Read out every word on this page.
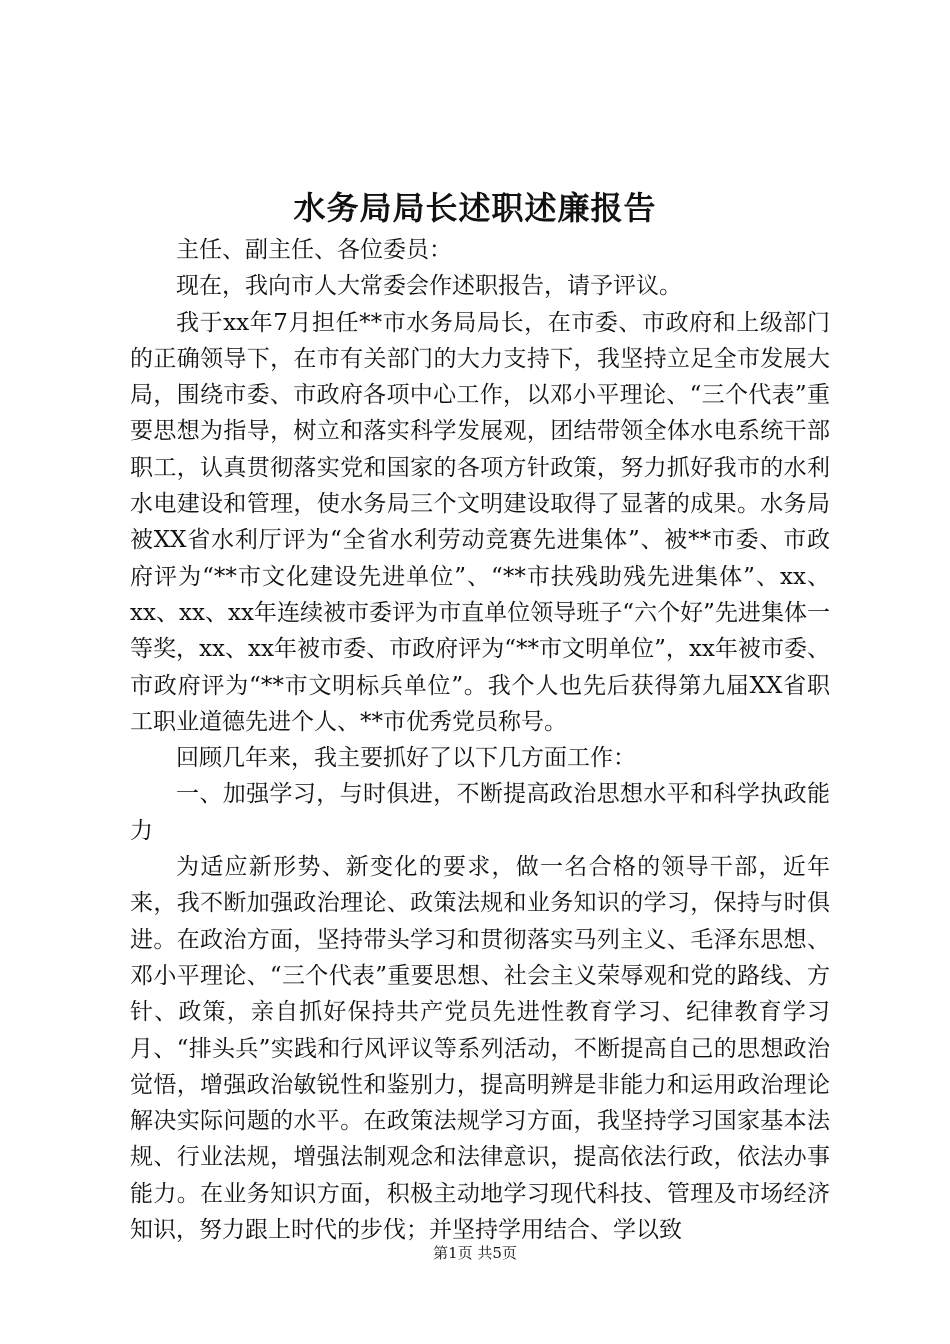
水务局局长述职述廉报告

主任、副主任、各位委员：

现在，我向市人大常委会作述职报告，请予评议。

我于xx年7月担任**市水务局局长，在市委、市政府和上级部门的正确领导下，在市有关部门的大力支持下，我坚持立足全市发展大局，围绕市委、市政府各项中心工作，以邓小平理论、“三个代表”重要思想为指导，树立和落实科学发展观，团结带领全体水电系统干部职工，认真贯彻落实党和国家的各项方针政策，努力抓好我市的水利水电建设和管理，使水务局三个文明建设取得了显著的成果。水务局被XX省水利厅评为“全省水利劳动竞赛先进集体”、被**市委、市政府评为“**市文化建设先进单位”、“**市扶残助残先进集体”、xx、xx、xx、xx年连续被市委评为市直单位领导班子“六个好”先进集体一等奖，xx、xx年被市委、市政府评为“**市文明单位”，xx年被市委、市政府评为“**市文明标兵单位”。我个人也先后获得第九届XX省职工职业道德先进个人、**市优秀党员称号。

回顾几年来，我主要抓好了以下几方面工作：

一、加强学习，与时俱进，不断提高政治思想水平和科学执政能力

为适应新形势、新变化的要求，做一名合格的领导干部，近年来，我不断加强政治理论、政策法规和业务知识的学习，保持与时俱进。在政治方面，坚持带头学习和贯彻落实马列主义、毛泽东思想、邓小平理论、“三个代表”重要思想、社会主义荣辱观和党的路线、方针、政策，亲自抓好保持共产党员先进性教育学习、纪律教育学习月、“排头兵”实践和行风评议等系列活动，不断提高自己的思想政治觉悟，增强政治敏锐性和鉴别力，提高明辨是非能力和运用政治理论解决实际问题的水平。在政策法规学习方面，我坚持学习国家基本法规、行业法规，增强法制观念和法律意识，提高依法行政，依法办事能力。在业务知识方面，积极主动地学习现代科技、管理及市场经济知识，努力跟上时代的步伐；并坚持学用结合、学以致

第1页 共5页
